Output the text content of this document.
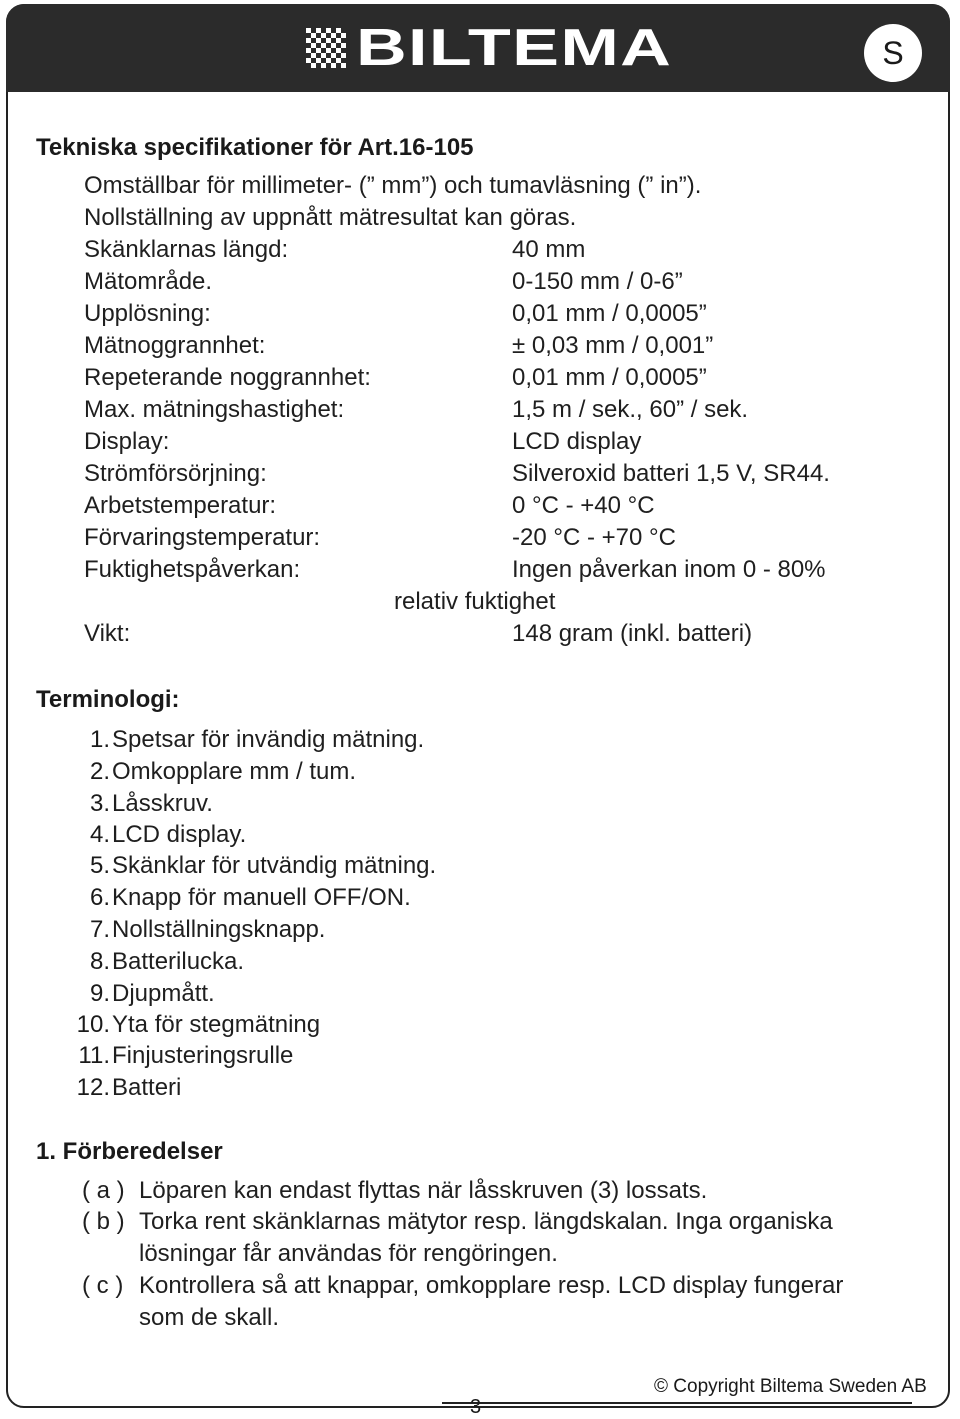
BILTEMA	S
Tekniska specifikationer för Art.16-105
Omställbar för millimeter- (” mm”) och tumavläsning (” in”).
Nollställning av uppnått mätresultat kan göras.
Skänklarnas längd:	40 mm
Mätområde.	0-150 mm / 0-6”
Upplösning:	0,01 mm / 0,0005”
Mätnoggrannhet:	± 0,03 mm / 0,001”
Repeterande noggrannhet:	0,01 mm / 0,0005”
Max. mätningshastighet:	1,5 m / sek., 60” / sek.
Display:	LCD display
Strömförsörjning:	Silveroxid batteri 1,5 V, SR44.
Arbetstemperatur:	0 °C - +40 °C
Förvaringstemperatur:	-20 °C - +70 °C
Fuktighetspåverkan:	Ingen påverkan inom 0 - 80%
relativ fuktighet
Vikt:	148 gram (inkl. batteri)
Terminologi:
1. Spetsar för invändig mätning.
2. Omkopplare mm / tum.
3. Låsskruv.
4. LCD display.
5. Skänklar för utvändig mätning.
6. Knapp för manuell OFF/ON.
7. Nollställningsknapp.
8. Batterilucka.
9. Djupmått.
10. Yta för stegmätning
11. Finjusteringsrulle
12. Batteri
1. Förberedelser
( a ) Löparen kan endast flyttas när låsskruven (3) lossats.
( b ) Torka rent skänklarnas mätytor resp. längdskalan. Inga organiska
lösningar får användas för rengöringen.
( c ) Kontrollera så att knappar, omkopplare resp. LCD display fungerar
som de skall.
© Copyright Biltema Sweden AB
3
